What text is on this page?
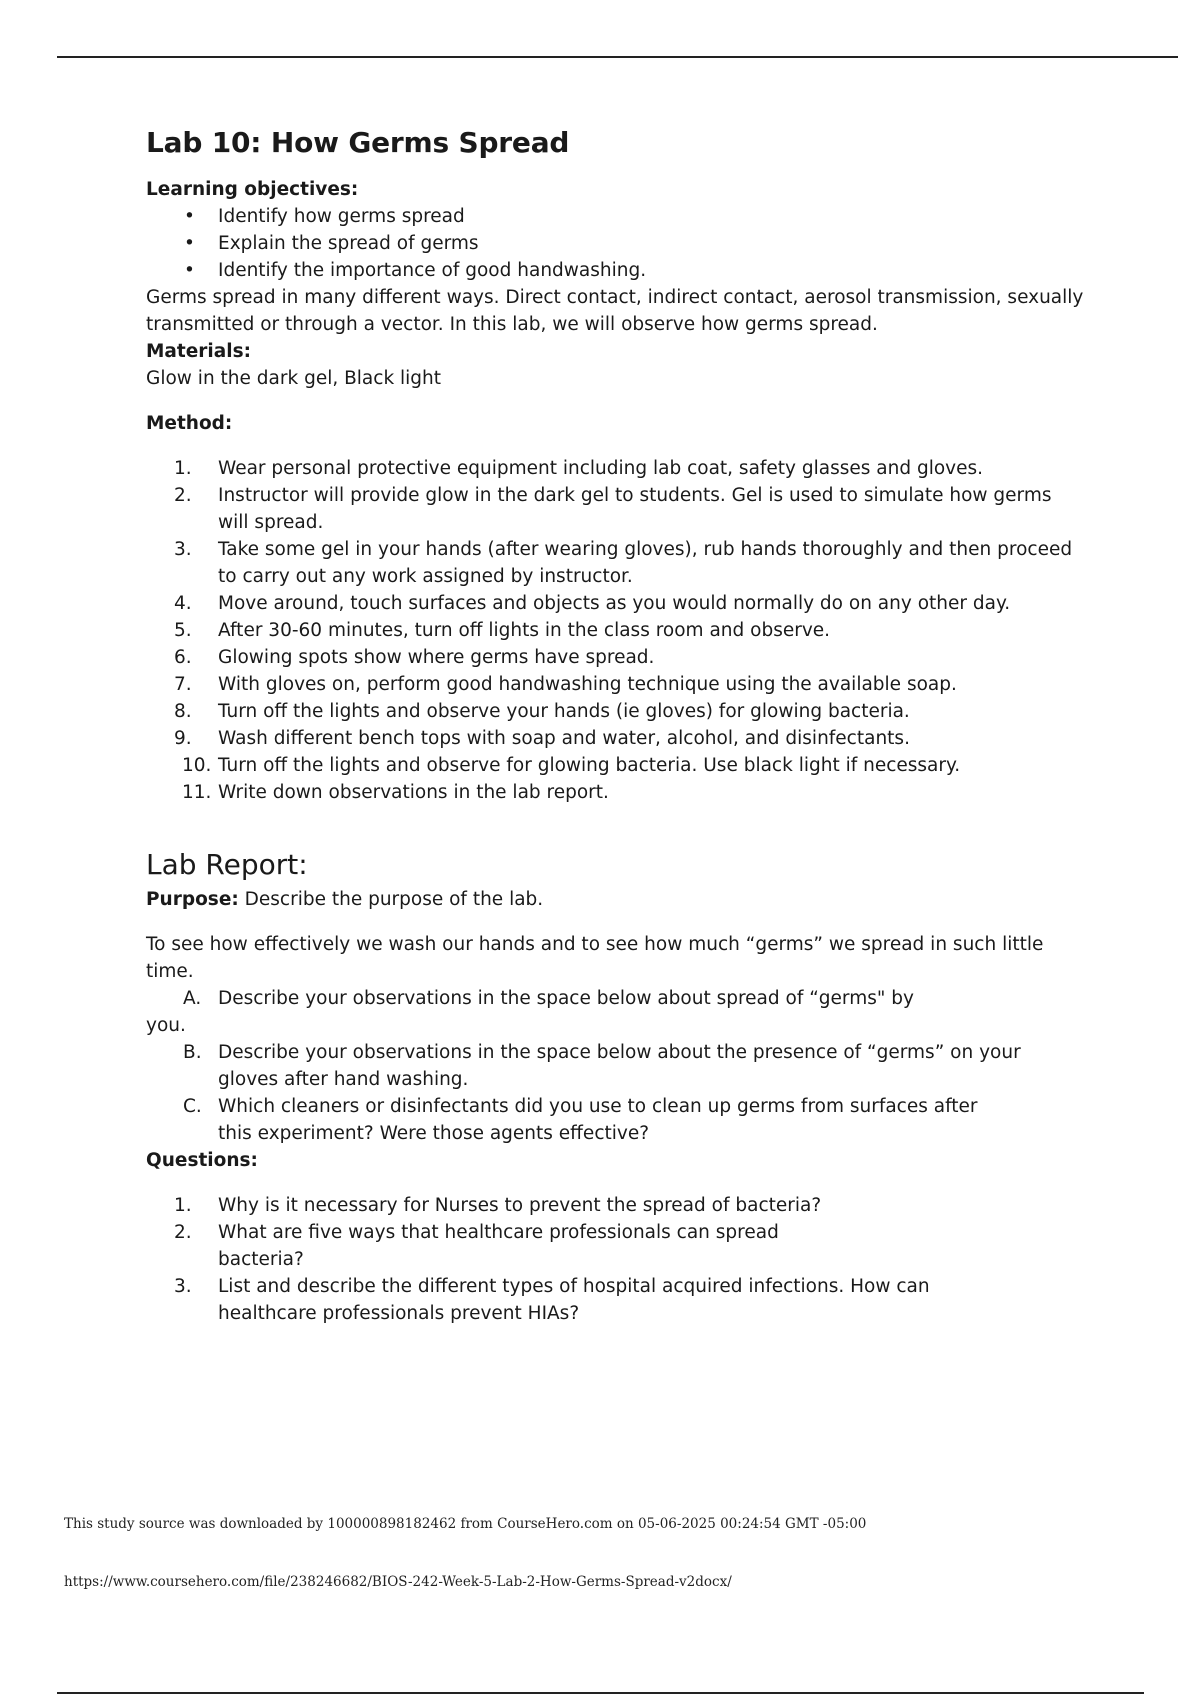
Lab 10: How Germs Spread

Learning objectives:

• Identify how germs spread
• Explain the spread of germs
• Identify the importance of good handwashing.

Germs spread in many different ways. Direct contact, indirect contact, aerosol transmission, sexually
transmitted or through a vector. In this lab, we will observe how germs spread.

Materials:

Glow in the dark gel, Black light

Method:

1.	Wear personal protective equipment including lab coat, safety glasses and gloves.
2.	Instructor will provide glow in the dark gel to students. Gel is used to simulate how germs
will spread.
3.	Take some gel in your hands (after wearing gloves), rub hands thoroughly and then proceed
to carry out any work assigned by instructor.
4.	Move around, touch surfaces and objects as you would normally do on any other day.
5.	After 30-60 minutes, turn off lights in the class room and observe.
6.	Glowing spots show where germs have spread.
7.	With gloves on, perform good handwashing technique using the available soap.
8.	Turn off the lights and observe your hands (ie gloves) for glowing bacteria.
9.	Wash different bench tops with soap and water, alcohol, and disinfectants.
10. Turn off the lights and observe for glowing bacteria. Use black light if necessary.
11. Write down observations in the lab report.
Lab Report:

Purpose: Describe the purpose of the lab.

To see how effectively we wash our hands and to see how much “germs” we spread in such little time.

A. Describe your observations in the space below about spread of “germs" by
you.
B. Describe your observations in the space below about the presence of “germs” on your
gloves after hand washing.
C. Which cleaners or disinfectants did you use to clean up germs from surfaces after
this experiment? Were those agents effective?

Questions:

1.	Why is it necessary for Nurses to prevent the spread of bacteria?
2.	What are five ways that healthcare professionals can spread
bacteria?
3.	List and describe the different types of hospital acquired infections. How can
healthcare professionals prevent HIAs?
This study source was downloaded by 100000898182462 from CourseHero.com on 05-06-2025 00:24:54 GMT -05:00
https://www.coursehero.com/file/238246682/BIOS-242-Week-5-Lab-2-How-Germs-Spread-v2docx/
